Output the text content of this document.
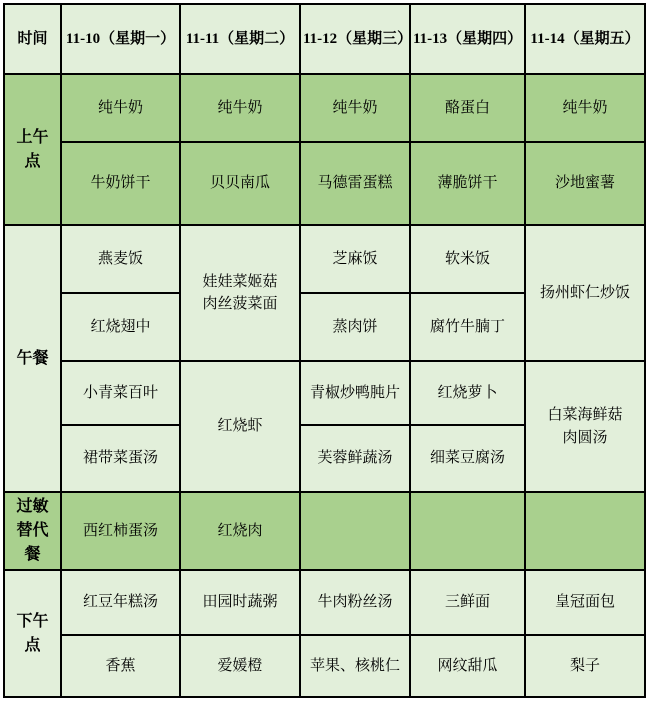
时间	11-10（星期一）	11-11（星期二）	11-12（星期三）	11-13（星期四）	11-14（星期五）
上午点	纯牛奶	纯牛奶	纯牛奶	酪蛋白	纯牛奶
	牛奶饼干	贝贝南瓜	马德雷蛋糕	薄脆饼干	沙地蜜薯
午餐	燕麦饭	娃娃菜姬菇肉丝菠菜面	芝麻饭	软米饭	扬州虾仁炒饭
	红烧翅中		蒸肉饼	腐竹牛腩丁	
	小青菜百叶	红烧虾	青椒炒鸭肫片	红烧萝卜	白菜海鲜菇肉圆汤
	裙带菜蛋汤		芙蓉鲜蔬汤	细菜豆腐汤	
过敏替代餐	西红柿蛋汤	红烧肉			
下午点	红豆年糕汤	田园时蔬粥	牛肉粉丝汤	三鲜面	皇冠面包
	香蕉	爱媛橙	苹果、核桃仁	网纹甜瓜	梨子
